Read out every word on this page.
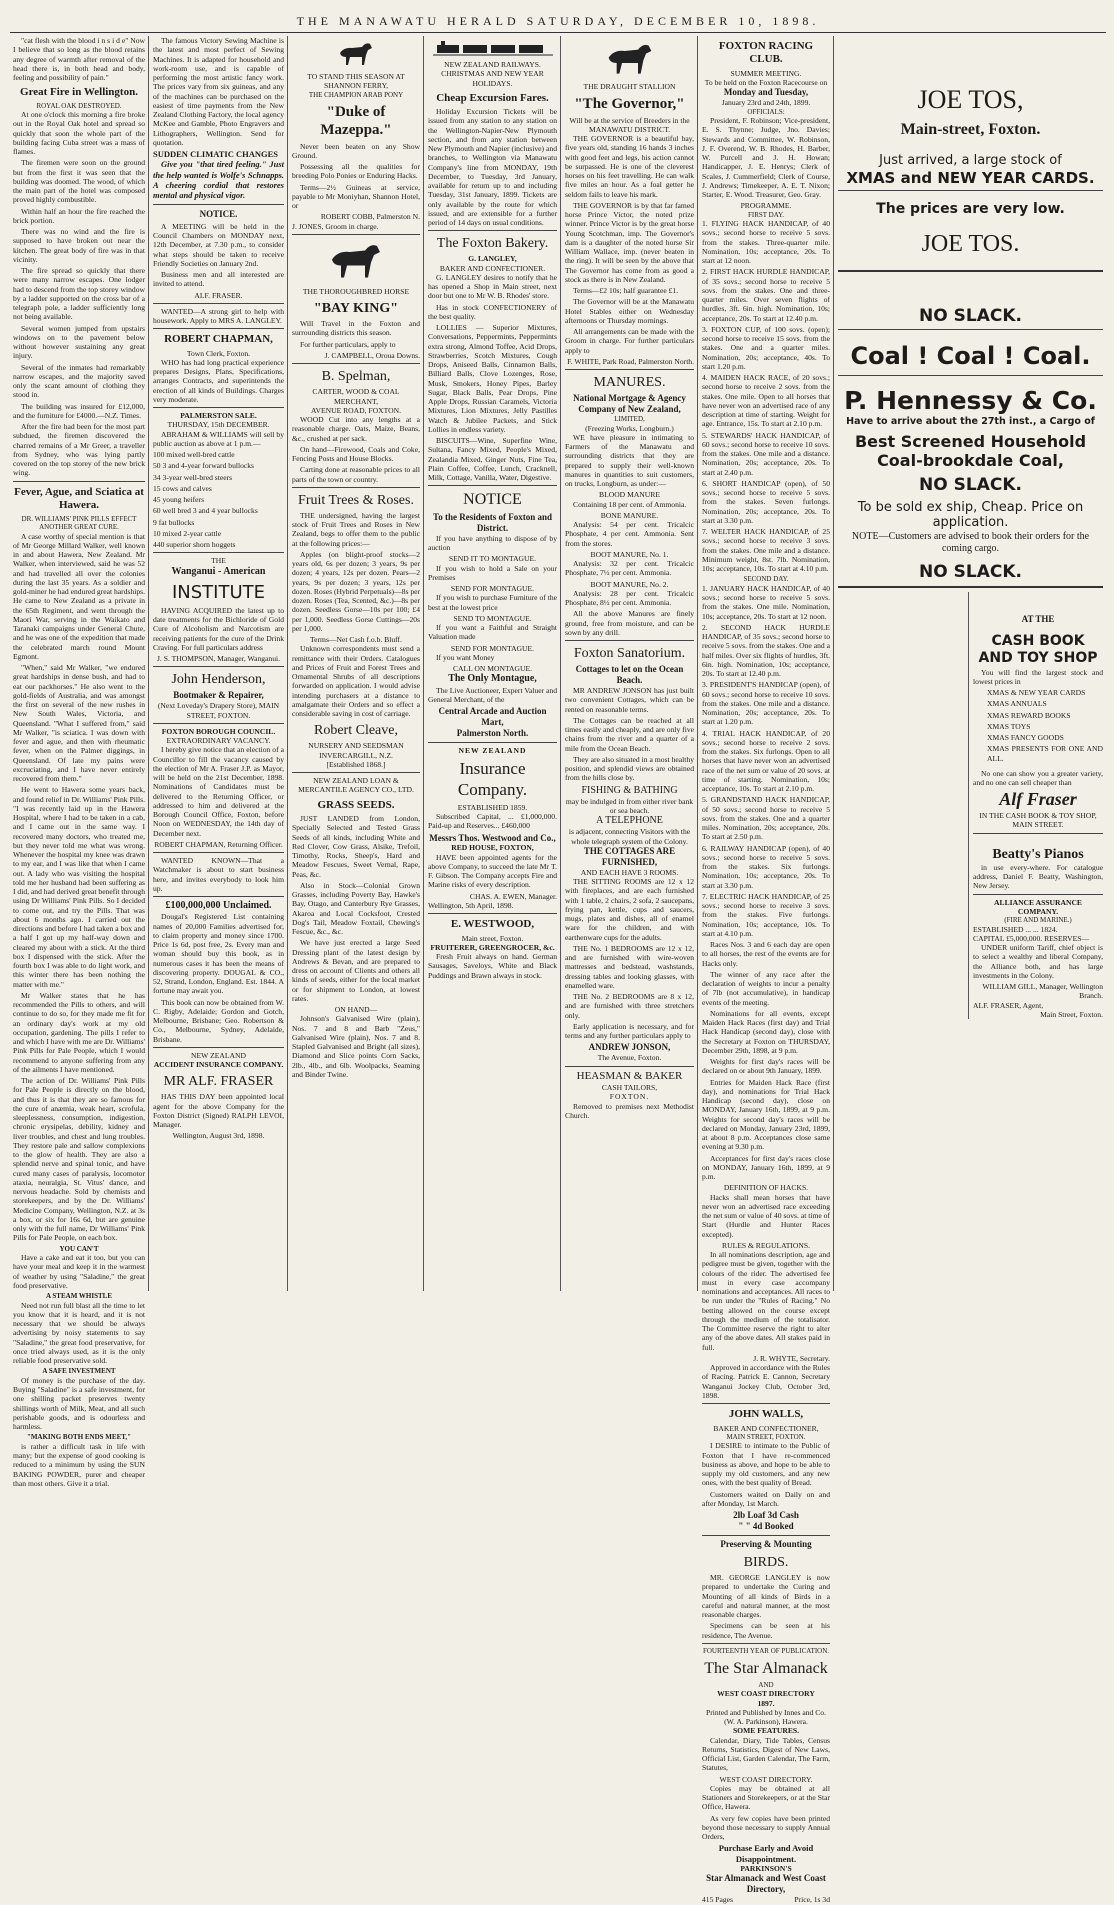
THE MANAWATU HERALD SATURDAY, DECEMBER 10, 1898.

"cat flesh with the blood i n s i d e" Now I believe that so long as the blood retains any degree of warmth after removal of the head there is, in both head and body, feeling and possibility of pain."

Great Fire in Wellington.
ROYAL OAK DESTROYED.

At one o'clock this morning a fire broke out in the Royal Oak hotel and spread so quickly that soon the whole part of the building facing Cuba street was a mass of flames.

The firemen were soon on the ground but from the first it was seen that the building was doomed. The wood, of which the main part of the hotel was composed proved highly combustible.

Within half an hour the fire reached the brick portion.

There was no wind and the fire is supposed to have broken out near the kitchen. The great body of fire was in that vicinity.

The fire spread so quickly that there were many narrow escapes. One lodger had to descend from the top storey window by a ladder supported on the cross bar of a telegraph pole, a ladder sufficiently long not being available.

Several women jumped from upstairs windows on to the pavement below without however sustaining any great injury.

Several of the inmates had remarkably narrow escapes, and the majority saved only the scant amount of clothing they stood in.

The building was insured for £12,000, and the furniture for £4000.—N.Z. Times.

After the fire had been for the most part subdued, the firemen discovered the charred remains of a Mr Greer, a traveller from Sydney, who was lying partly covered on the top storey of the new brick wing.

Fever, Ague, and Sciatica at Hawera.
DR. WILLIAMS' PINK PILLS EFFECT ANOTHER GREAT CURE.

A case worthy of special mention is that of Mr George Millard Walker, well known in and about Hawera, New Zealand. Mr Walker, when interviewed, said he was 52 and had travelled all over the colonies during the last 35 years. As a soldier and gold-miner he had endured great hardships. He came to New Zealand as a private in the 65th Regiment, and went through the Maori War, serving in the Waikato and Taranaki campaigns under General Chute, and he was one of the expedition that made the celebrated march round Mount Egmont.

"When," said Mr Walker, "we endured great hardships in dense bush, and had to eat our packhorses." He also went to the gold-fields of Australia, and was amongst the first on several of the new rushes in New South Wales, Victoria, and Queensland. "What I suffered from," said Mr Walker, "is sciatica. I was down with fever and ague, and then with rheumatic fever, when on the Palmer diggings, in Queensland. Of late my pains were excruciating, and I have never entirely recovered from them."

He went to Hawera some years back, and found relief in Dr. Williams' Pink Pills. "I was recently laid up in the Hawera Hospital, where I had to be taken in a cab, and I came out in the same way. I recovered many doctors, who treated me, but they never told me what was wrong. Whenever the hospital my knee was drawn to my ear, and I was like that when I came out. A lady who was visiting the hospital told me her husband had been suffering as I did, and had derived great benefit through using Dr Williams' Pink Pills. So I decided to come out, and try the Pills. That was about 6 months ago. I carried out the directions and before I had taken a box and a half I got up my half-way down and cleared my about with a stick. At the third box I dispensed with the stick. After the fourth box I was able to do light work, and this winter there has been nothing the matter with me."

Mr Walker states that he has recommended the Pills to others, and will continue to do so, for they made me fit for an ordinary day's work at my old occupation, gardening. The pills I refer to and which I have with me are Dr. Williams' Pink Pills for Pale People, which I would recommend to anyone suffering from any of the ailments I have mentioned.

The action of Dr. Williams' Pink Pills for Pale People is directly on the blood, and thus it is that they are so famous for the cure of anæmia, weak heart, scrofula, sleeplessness, consumption, indigestion, chronic erysipelas, debility, kidney and liver troubles, and chest and lung troubles. They restore pale and sallow complexions to the glow of health. They are also a splendid nerve and spinal tonic, and have cured many cases of paralysis, locomotor ataxia, neuralgia, St. Vitus' dance, and nervous headache. Sold by chemists and storekeepers, and by the Dr. Williams' Medicine Company, Wellington, N.Z. at 3s a box, or six for 16s 6d, but are genuine only with the full name, Dr Williams' Pink Pills for Pale People, on each box.

YOU CAN'T

Have a cake and eat it too, but you can have your meal and keep it in the warmest of weather by using "Saladine," the great food preservative.

A STEAM WHISTLE

Need not run full blast all the time to let you know that it is heard, and it is not necessary that we should be always advertising by noisy statements to say "Saladine," the great food preservative, for once tried always used, as it is the only reliable food preservative sold.

A SAFE INVESTMENT

Of money is the purchase of the day. Buying "Saladine" is a safe investment, for one shilling packet preserves twenty shillings worth of Milk, Meat, and all such perishable goods, and is odourless and harmless.

"MAKING BOTH ENDS MEET,"

is rather a difficult task in life with many; but the expense of good cooking is reduced to a minimum by using the SUN BAKING POWDER, purer and cheaper than most others. Give it a trial.

The famous Victory Sewing Machine is the latest and most perfect of Sewing Machines. It is adapted for household and work-room use, and is capable of performing the most artistic fancy work. The prices vary from six guineas, and any of the machines can be purchased on the easiest of time payments from the New Zealand Clothing Factory, the local agency McKee and Gamble, Photo Engravers and Lithographers, Wellington. Send for quotation.

SUDDEN CLIMATIC CHANGES

Give you "that tired feeling." Just the help wanted is Wolfe's Schnapps. A cheering cordial that restores mental and physical vigor.

NOTICE.

A MEETING will be held in the Council Chambers on MONDAY next, 12th December, at 7.30 p.m., to consider what steps should be taken to receive Friendly Societies on January 2nd.

Business men and all interested are invited to attend.

ALF. FRASER.

WANTED—A strong girl to help with housework. Apply to MRS A. LANGLEY.

ROBERT CHAPMAN,
Town Clerk, Foxton.

WHO has had long practical experience prepares Designs, Plans, Specifications, arranges Contracts, and superintends the erection of all kinds of Buildings. Charges very moderate.

PALMERSTON SALE.
THURSDAY, 15th DECEMBER.

ABRAHAM & WILLIAMS will sell by public auction as above at 1 p.m.—

100 mixed well-bred cattle

50 3 and 4-year forward bullocks

34 3-year well-bred steers

15 cows and calves

45 young heifers

60 well bred 3 and 4 year bullocks

9 fat bullocks

10 mixed 2-year cattle

440 superior shorn hoggets

THE
Wanganui - American
INSTITUTE

HAVING ACQUIRED the latest up to date treatments for the Bichloride of Gold Cure of Alcoholism and Narcotism are receiving patients for the cure of the Drink Craving. For full particulars address

J. S. THOMPSON, Manager, Wanganui.
John Henderson,
Bootmaker & Repairer,
(Next Loveday's Drapery Store), MAIN STREET, FOXTON.
FOXTON BOROUGH COUNCIL.
EXTRAORDINARY VACANCY.

I hereby give notice that an election of a Councillor to fill the vacancy caused by the election of Mr A. Fraser J.P. as Mayor, will be held on the 21st December, 1898. Nominations of Candidates must be delivered to the Returning Officer, or addressed to him and delivered at the Borough Council Office, Foxton, before Noon on WEDNESDAY, the 14th day of December next.

ROBERT CHAPMAN, Returning Officer.

WANTED KNOWN—That a Watchmaker is about to start business here, and invites everybody to look him up.

£100,000,000 Unclaimed.

Dougal's Registered List containing names of 20,000 Families advertised for, to claim property and money since 1700. Price 1s 6d, post free, 2s. Every man and woman should buy this book, as in numerous cases it has been the means of discovering property. DOUGAL & CO., 52, Strand, London, England. Est. 1844. A fortune may await you.

This book can now be obtained from W. C. Rigby, Adelaide; Gordon and Gotch, Melbourne, Brisbane; Geo. Robertson & Co., Melbourne, Sydney, Adelaide, Brisbane.

NEW ZEALAND
ACCIDENT INSURANCE COMPANY.
MR ALF. FRASER

HAS THIS DAY been appointed local agent for the above Company for the Foxton District (Signed) RALPH LEVOI, Manager.

Wellington, August 3rd, 1898.
TO STAND THIS SEASON AT SHANNON FERRY,
THE CHAMPION ARAB PONY
"Duke of Mazeppa."

Never been beaten on any Show Ground.

Possessing all the qualities for breeding Polo Ponies or Enduring Hacks.

Terms—2½ Guineas at service, payable to Mr Moniyhan, Shannon Hotel, or

ROBERT COBB, Palmerston N.
J. JONES, Groom in charge.
THE THOROUGHBRED HORSE
"BAY KING"

Will Travel in the Foxton and surrounding districts this season.

For further particulars, apply to

J. CAMPBELL, Oroua Downs.
B. Spelman,
CARTER, WOOD & COAL MERCHANT,
AVENUE ROAD, FOXTON.

WOOD Cut into any lengths at a reasonable charge. Oats, Maize, Beans, &c., crushed at per sack.

On hand—Firewood, Coals and Coke, Fencing Posts and House Blocks.

Carting done at reasonable prices to all parts of the town or country.

Fruit Trees & Roses.

THE undersigned, having the largest stock of Fruit Trees and Roses in New Zealand, begs to offer them to the public at the following prices:—

Apples (on blight-proof stocks—2 years old, 6s per dozen; 3 years, 9s per dozen; 4 years, 12s per dozen. Pears—2 years, 9s per dozen; 3 years, 12s per dozen. Roses (Hybrid Perpetuals)—8s per dozen. Roses (Tea, Scented, &c.)—8s per dozen. Seedless Gorse—10s per 100; £4 per 1,000. Seedless Gorse Cuttings—20s per 1,000.

Terms—Net Cash f.o.b. Bluff.

Unknown correspondents must send a remittance with their Orders. Catalogues and Prices of Fruit and Forest Trees and Ornamental Shrubs of all descriptions forwarded on application. I would advise intending purchasers at a distance to amalgamate their Orders and so effect a considerable saving in cost of carriage.

Robert Cleave,
NURSERY AND SEEDSMAN
INVERCARGILL, N.Z.
[Established 1868.]
NEW ZEALAND LOAN & MERCANTILE AGENCY CO., LTD.
GRASS SEEDS.

JUST LANDED from London, Specially Selected and Tested Grass Seeds of all kinds, including White and Red Clover, Cow Grass, Alsike, Trefoil, Timothy, Rocks, Sheep's, Hard and Meadow Fescues, Sweet Vernal, Rape, Peas, &c.

Also in Stock—Colonial Grown Grasses, including Poverty Bay, Hawke's Bay, Otago, and Canterbury Rye Grasses, Akaroa and Local Cocksfoot, Crested Dog's Tail, Meadow Foxtail, Chewing's Fescue, &c., &c.

We have just erected a large Seed Dressing plant of the latest design by Andrews & Bevan, and are prepared to dress on account of Clients and others all kinds of seeds, either for the local market or for shipment to London, at lowest rates.

ON HAND—

Johnson's Galvanised Wire (plain), Nos. 7 and 8 and Barb "Zeus," Galvanised Wire (plain), Nos. 7 and 8. Stapled Galvanised and Bright (all sizes), Diamond and Slice points Corn Sacks, 2lb., 4lb., and 6lb. Woolpacks, Seaming and Binder Twine.

NEW ZEALAND RAILWAYS.
CHRISTMAS AND NEW YEAR HOLIDAYS.
Cheap Excursion Fares.

Holiday Excursion Tickets will be issued from any station to any station on the Wellington-Napier-New Plymouth section, and from any station between New Plymouth and Napier (inclusive) and branches, to Wellington via Manawatu Company's line from MONDAY, 19th December, to Tuesday, 3rd January, available for return up to and including Tuesday, 31st January, 1899. Tickets are only available by the route for which issued, and are extensible for a further period of 14 days on usual conditions.

The Foxton Bakery.
G. LANGLEY,
BAKER AND CONFECTIONER.

G. LANGLEY desires to notify that he has opened a Shop in Main street, next door but one to Mr W. B. Rhodes' store.

Has in stock CONFECTIONERY of the best quality.

LOLLIES — Superior Mixtures, Conversations, Peppermints, Peppermints extra strong, Almond Toffee, Acid Drops, Strawberries, Scotch Mixtures, Cough Drops, Aniseed Balls, Cinnamon Balls, Billiard Balls, Clove Lozenges, Rose, Musk, Smokers, Honey Pipes, Barley Sugar, Black Balls, Pear Drops, Pine Apple Drops, Russian Caramels, Victoria Mixtures, Lion Mixtures, Jelly Pastilles Watch & Jubilee Packets, and Stick Lollies in endless variety.

BISCUITS—Wine, Superfine Wine, Sultana, Fancy Mixed, People's Mixed, Zealandia Mixed, Ginger Nuts, Fine Tea, Plain Coffee, Coffee, Lunch, Cracknell, Milk, Cottage, Vanilla, Water, Digestive.

NOTICE
To the Residents of Foxton and District.

If you have anything to dispose of by auction

SEND IT TO MONTAGUE.

If you wish to hold a Sale on your Premises

SEND FOR MONTAGUE.

If you wish to purchase Furniture of the best at the lowest price

SEND TO MONTAGUE.

If you want a Faithful and Straight Valuation made

SEND FOR MONTAGUE.

If you want Money

CALL ON MONTAGUE.
The Only Montague,

The Live Auctioneer, Expert Valuer and General Merchant, of the

Central Arcade and Auction Mart,
Palmerston North.
NEW ZEALAND
Insurance Company.
ESTABLISHED 1859.

Subscribed Capital, ... £1,000,000. Paid-up and Reserves... £460,000

Messrs Thos. Westwood and Co.,
RED HOUSE, FOXTON,

HAVE been appointed agents for the above Company, to succeed the late Mr T. F. Gibson. The Company accepts Fire and Marine risks of every description.

CHAS. A. EWEN, Manager.
Wellington, 5th April, 1898.
E. WESTWOOD,
Main street, Foxton.
FRUITERER, GREENGROCER, &c.

Fresh Fruit always on hand. German Sausages, Saveloys, White and Black Puddings and Brawn always in stock.

THE DRAUGHT STALLION
"The Governor,"
Will be at the service of Breeders in the
MANAWATU DISTRICT.

THE GOVERNOR is a beautiful bay, five years old, standing 16 hands 3 inches with good feet and legs, his action cannot be surpassed. He is one of the cleverest horses on his feet travelling. He can walk five miles an hour. As a foal getter he seldom fails to leave his mark.

THE GOVERNOR is by that far famed horse Prince Victor, the noted prize winner. Prince Victor is by the great horse Young Scotchman, imp. The Governor's dam is a daughter of the noted horse Sir William Wallace, imp. (never beaten in the ring). It will be seen by the above that The Governor has come from as good a stock as there is in New Zealand.

Terms—£2 10s; half guarantee £1.

The Governor will be at the Manawatu Hotel Stables either on Wednesday afternoons or Thursday mornings.

All arrangements can be made with the Groom in charge. For further particulars apply to

F. WHITE, Park Road, Palmerston North.
MANURES.
National Mortgage & Agency Company of New Zealand,
LIMITED,
(Freezing Works, Longburn.)

WE have pleasure in intimating to Farmers of the Manawatu and surrounding districts that they are prepared to supply their well-known manures in quantities to suit customers, on trucks, Longburn, as under:—

BLOOD MANURE

Containing 18 per cent. of Ammonia.

BONE MANURE.

Analysis: 54 per cent. Tricalcic Phosphate, 4 per cent. Ammonia. Sent from the stores.

BOOT MANURE, No. 1.

Analysis: 32 per cent. Tricalcic Phosphate, 7½ per cent. Ammonia.

BOOT MANURE, No. 2.

Analysis: 28 per cent. Tricalcic Phosphate, 8½ per cent. Ammonia.

All the above Manures are finely ground, free from moisture, and can be sown by any drill.

Foxton Sanatorium.
Cottages to let on the Ocean Beach.

MR ANDREW JONSON has just built two convenient Cottages, which can be rented on reasonable terms.

The Cottages can be reached at all times easily and cheaply, and are only five chains from the river and a quarter of a mile from the Ocean Beach.

They are also situated in a most healthy position, and splendid views are obtained from the hills close by.

FISHING & BATHING
may be indulged in from either river bank or sea beach.
A TELEPHONE
is adjacent, connecting Visitors with the whole telegraph system of the Colony.
THE COTTAGES ARE FURNISHED,
AND EACH HAVE 3 ROOMS.

THE SITTING ROOMS are 12 x 12 with fireplaces, and are each furnished with 1 table, 2 chairs, 2 sofa, 2 saucepans, frying pan, kettle, cups and saucers, mugs, plates and dishes, all of enamel ware for the children, and with earthenware cups for the adults.

THE No. 1 BEDROOMS are 12 x 12, and are furnished with wire-woven mattresses and bedstead, washstands, dressing tables and looking glasses, with enamelled ware.

THE No. 2 BEDROOMS are 8 x 12, and are furnished with three stretchers only.

Early application is necessary, and for terms and any further particulars apply to

ANDREW JONSON,
The Avenue, Foxton.
HEASMAN & BAKER
CASH TAILORS,
FOXTON.

Removed to premises next Methodist Church.

FOXTON RACING CLUB.
SUMMER MEETING.
To be held on the Foxton Racecourse on
Monday and Tuesday,
January 23rd and 24th, 1899.
OFFICIALS:

President, F. Robinson; Vice-president, E. S. Thynne; Judge, Jno. Davies; Stewards and Committee, W. Robinson, J. F. Overend, W. B. Rhodes, H. Barber, W. Purcell and J. H. Howan; Handicapper, J. E. Henrys; Clerk of Scales, J. Cummerfield; Clerk of Course, J. Andrews; Timekeeper, A. E. T. Nixon; Starter, E. Wood. Treasurer, Geo. Gray.

PROGRAMME.
FIRST DAY.

1. FLYING HACK HANDICAP, of 40 sovs.; second horse to receive 5 sovs. from the stakes. Three-quarter mile. Nomination, 10s; acceptance, 20s. To start at 12 noon.

2. FIRST HACK HURDLE HANDICAP, of 35 sovs.; second horse to receive 5 sovs. from the stakes. One and three-quarter miles. Over seven flights of hurdles, 3ft. 6in. high. Nomination, 10s; acceptance, 20s. To start at 12.40 p.m.

3. FOXTON CUP, of 100 sovs. (open); second horse to receive 15 sovs. from the stakes. One and a quarter miles. Nomination, 20s; acceptance, 40s. To start 1.20 p.m.

4. MAIDEN HACK RACE, of 20 sovs.; second horse to receive 2 sovs. from the stakes. One mile. Open to all horses that have never won an advertised race of any description at time of starting. Weight for age. Entrance, 15s. To start at 2.10 p.m.

5. STEWARDS' HACK HANDICAP, of 60 sovs.; second horse to receive 10 sovs. from the stakes. One mile and a distance. Nomination, 20s; acceptance, 20s. To start at 2.40 p.m.

6. SHORT HANDICAP (open), of 50 sovs.; second horse to receive 5 sovs. from the stakes. Seven furlongs. Nomination, 20s; acceptance, 20s. To start at 3.30 p.m.

7. WELTER HACK HANDICAP, of 25 sovs.; second horse to receive 3 sovs. from the stakes. One mile and a distance. Minimum weight, 8st. 7lb. Nomination, 10s; acceptance, 10s. To start at 4.10 p.m.

SECOND DAY.

1. JANUARY HACK HANDICAP, of 40 sovs.; second horse to receive 5 sovs. from the stakes. One mile. Nomination, 10s; acceptance, 20s. To start at 12 noon.

2. SECOND HACK HURDLE HANDICAP, of 35 sovs.; second horse to receive 5 sovs. from the stakes. One and a half miles. Over six flights of hurdles, 3ft. 6in. high. Nomination, 10s; acceptance, 20s. To start at 12.40 p.m.

3. PRESIDENT'S HANDICAP (open), of 60 sovs.; second horse to receive 10 sovs. from the stakes. One mile and a distance. Nomination, 20s; acceptance, 20s. To start at 1.20 p.m.

4. TRIAL HACK HANDICAP, of 20 sovs.; second horse to receive 2 sovs. from the stakes. Six furlongs. Open to all horses that have never won an advertised race of the net sum or value of 20 sovs. at time of starting. Nomination, 10s; acceptance, 10s. To start at 2.10 p.m.

5. GRANDSTAND HACK HANDICAP, of 50 sovs.; second horse to receive 5 sovs. from the stakes. One and a quarter miles. Nomination, 20s; acceptance, 20s. To start at 2.50 p.m.

6. RAILWAY HANDICAP (open), of 40 sovs.; second horse to receive 5 sovs. from the stakes. Six furlongs. Nomination, 10s; acceptance, 20s. To start at 3.30 p.m.

7. ELECTRIC HACK HANDICAP, of 25 sovs.; second horse to receive 3 sovs. from the stakes. Five furlongs. Nomination, 10s; acceptance, 10s. To start at 4.10 p.m.

Races Nos. 3 and 6 each day are open to all horses, the rest of the events are for Hacks only.

The winner of any race after the declaration of weights to incur a penalty of 7lb (not accumulative), in handicap events of the meeting.

Nominations for all events, except Maiden Hack Races (first day) and Trial Hack Handicap (second day), close with the Secretary at Foxton on THURSDAY, December 29th, 1898, at 9 p.m.

Weights for first day's races will be declared on or about 9th January, 1899.

Entries for Maiden Hack Race (first day), and nominations for Trial Hack Handicap (second day), close on MONDAY, January 16th, 1899, at 9 p.m. Weights for second day's races will be declared on Monday, January 23rd, 1899, at about 8 p.m. Acceptances close same evening at 9.30 p.m.

Acceptances for first day's races close on MONDAY, January 16th, 1899, at 9 p.m.

DEFINITION OF HACKS.

Hacks shall mean horses that have never won an advertised race exceeding the net sum or value of 40 sovs. at time of Start (Hurdle and Hunter Races excepted).

RULES & REGULATIONS.

In all nominations description, age and pedigree must be given, together with the colours of the rider. The advertised fee must in every case accompany nominations and acceptances. All races to be run under the "Rules of Racing." No betting allowed on the course except through the medium of the totalisator. The Committee reserve the right to alter any of the above dates. All stakes paid in full.

J. R. WHYTE, Secretary.

Approved in accordance with the Rules of Racing. Patrick E. Cannon, Secretary Wanganui Jockey Club, October 3rd, 1898.

JOHN WALLS,
BAKER AND CONFECTIONER,
MAIN STREET, FOXTON.

I DESIRE to intimate to the Public of Foxton that I have re-commenced business as above, and hope to be able to supply my old customers, and any new ones, with the best quality of Bread.

Customers waited on Daily on and after Monday, 1st March.

2lb Loaf 3d Cash
" " 4d Booked
Preserving & Mounting
BIRDS.

MR. GEORGE LANGLEY is now prepared to undertake the Curing and Mounting of all kinds of Birds in a careful and natural manner, at the most reasonable charges.

Specimens can be seen at his residence, The Avenue.

FOURTEENTH YEAR OF PUBLICATION.
The Star Almanack
AND
WEST COAST DIRECTORY
1897.
Printed and Published by Innes and Co. (W. A. Parkinson), Hawera.
SOME FEATURES.

Calendar, Diary, Tide Tables, Census Returns, Statistics, Digest of New Laws, Official List, Garden Calendar, The Farm, Statutes,

WEST COAST DIRECTORY.

Copies may be obtained at all Stationers and Storekeepers, or at the Star Office, Hawera.

As very few copies have been printed beyond those necessary to supply Annual Orders,

Purchase Early and Avoid Disappointment.
PARKINSON'S
Star Almanack and West Coast Directory,
415 Pages	Price, 1s 3d
JOE TOS,
Main-street, Foxton.
Just arrived, a large stock of
XMAS and NEW YEAR CARDS.
The prices are very low.
JOE TOS.
NO SLACK.
Coal ! Coal ! Coal.
P. Hennessy & Co.
Have to arrive about the 27th inst., a Cargo of
Best Screened Household Coal-brookdale Coal,
NO SLACK.
To be sold ex ship, Cheap. Price on application.
NOTE—Customers are advised to book their orders for the coming cargo.
NO SLACK.
AT THE
CASH BOOK AND TOY SHOP

You will find the largest stock and lowest prices in

XMAS & NEW YEAR CARDS

XMAS ANNUALS

XMAS REWARD BOOKS

XMAS TOYS

XMAS FANCY GOODS

XMAS PRESENTS FOR ONE AND ALL.

No one can show you a greater variety, and no one can sell cheaper than

Alf Fraser
IN THE CASH BOOK & TOY SHOP, MAIN STREET.
Beatty's Pianos

in use every-where. For catalogue address, Daniel F. Beatty, Washington, New Jersey.

ALLIANCE ASSURANCE COMPANY.
(FIRE AND MARINE.)
ESTABLISHED ... ... 1824.
CAPITAL £5,000,000. RESERVES—

UNDER uniform Tariff, chief object is to select a wealthy and liberal Company, the Alliance both, and has large investments in the Colony.

WILLIAM GILL, Manager, Wellington Branch.
ALF. FRASER, Agent,
Main Street, Foxton.
